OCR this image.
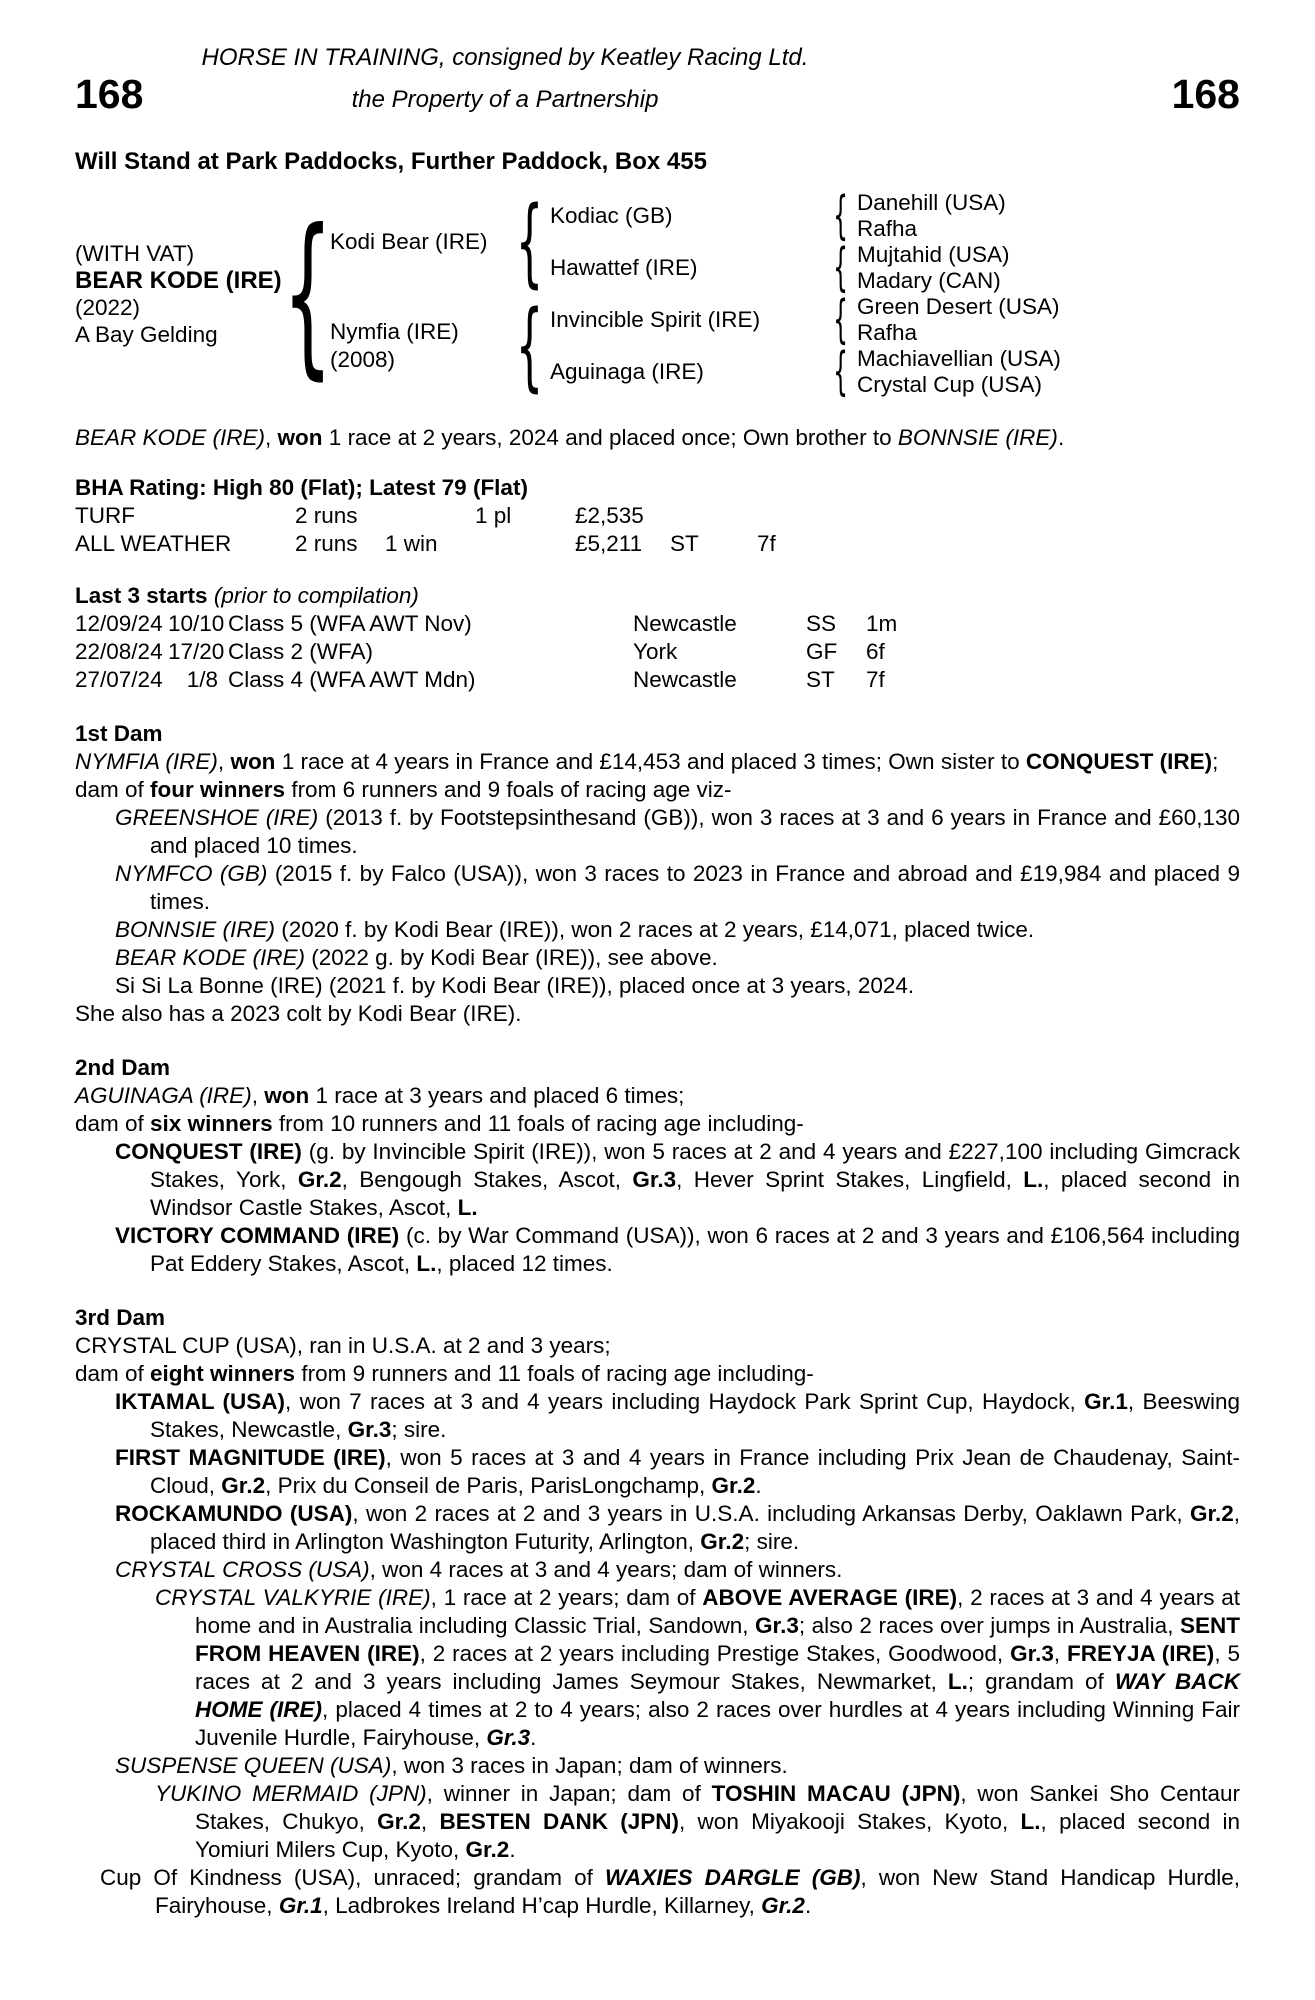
HORSE IN TRAINING, consigned by Keatley Racing Ltd.
the Property of a Partnership
168	168
Will Stand at Park Paddocks, Further Paddock, Box 455
(WITH VAT)
BEAR KODE (IRE)
(2022)
A Bay Gelding {
Kodi Bear (IRE)
Nymfia (IRE)
(2008)
{
{
Kodiac (GB)
Hawattef (IRE)
Invincible Spirit (IRE)
Aguinaga (IRE)
{
{
{
{
Danehill (USA)
Rafha
Mujtahid (USA)
Madary (CAN)
Green Desert (USA)
Rafha
Machiavellian (USA)
Crystal Cup (USA)

BEAR KODE (IRE), won 1 race at 2 years, 2024 and placed once; Own brother to BONNSIE (IRE).

BHA Rating: High 80 (Flat); Latest 79 (Flat)
TURF	2 runs	1 pl	£2,535
ALL WEATHER	2 runs	1 win	£5,211	ST	7f
Last 3 starts (prior to compilation)
12/09/24 10/10 Class 5 (WFA AWT Nov)	Newcastle	SS	1m
22/08/24 17/20 Class 2 (WFA)	York	GF	6f
27/07/24	1/8 Class 4 (WFA AWT Mdn)	Newcastle	ST	7f
1st Dam

NYMFIA (IRE), won 1 race at 4 years in France and £14,453 and placed 3 times; Own sister to CONQUEST (IRE);

dam of four winners from 6 runners and 9 foals of racing age viz-

GREENSHOE (IRE) (2013 f. by Footstepsinthesand (GB)), won 3 races at 3 and 6 years in France and £60,130 and placed 10 times.

NYMFCO (GB) (2015 f. by Falco (USA)), won 3 races to 2023 in France and abroad and £19,984 and placed 9 times.

BONNSIE (IRE) (2020 f. by Kodi Bear (IRE)), won 2 races at 2 years, £14,071, placed twice.

BEAR KODE (IRE) (2022 g. by Kodi Bear (IRE)), see above.

Si Si La Bonne (IRE) (2021 f. by Kodi Bear (IRE)), placed once at 3 years, 2024.

She also has a 2023 colt by Kodi Bear (IRE).

2nd Dam

AGUINAGA (IRE), won 1 race at 3 years and placed 6 times;

dam of six winners from 10 runners and 11 foals of racing age including-

CONQUEST (IRE) (g. by Invincible Spirit (IRE)), won 5 races at 2 and 4 years and £227,100 including Gimcrack Stakes, York, Gr.2, Bengough Stakes, Ascot, Gr.3, Hever Sprint Stakes, Lingfield, L., placed second in Windsor Castle Stakes, Ascot, L.

VICTORY COMMAND (IRE) (c. by War Command (USA)), won 6 races at 2 and 3 years and £106,564 including Pat Eddery Stakes, Ascot, L., placed 12 times.

3rd Dam

CRYSTAL CUP (USA), ran in U.S.A. at 2 and 3 years;

dam of eight winners from 9 runners and 11 foals of racing age including-

IKTAMAL (USA), won 7 races at 3 and 4 years including Haydock Park Sprint Cup, Haydock, Gr.1, Beeswing Stakes, Newcastle, Gr.3; sire.

FIRST MAGNITUDE (IRE), won 5 races at 3 and 4 years in France including Prix Jean de Chaudenay, Saint-Cloud, Gr.2, Prix du Conseil de Paris, ParisLongchamp, Gr.2.

ROCKAMUNDO (USA), won 2 races at 2 and 3 years in U.S.A. including Arkansas Derby, Oaklawn Park, Gr.2, placed third in Arlington Washington Futurity, Arlington, Gr.2; sire.

CRYSTAL CROSS (USA), won 4 races at 3 and 4 years; dam of winners.

CRYSTAL VALKYRIE (IRE), 1 race at 2 years; dam of ABOVE AVERAGE (IRE), 2 races at 3 and 4 years at home and in Australia including Classic Trial, Sandown, Gr.3; also 2 races over jumps in Australia, SENT FROM HEAVEN (IRE), 2 races at 2 years including Prestige Stakes, Goodwood, Gr.3, FREYJA (IRE), 5 races at 2 and 3 years including James Seymour Stakes, Newmarket, L.; grandam of WAY BACK HOME (IRE), placed 4 times at 2 to 4 years; also 2 races over hurdles at 4 years including Winning Fair Juvenile Hurdle, Fairyhouse, Gr.3.

SUSPENSE QUEEN (USA), won 3 races in Japan; dam of winners.

YUKINO MERMAID (JPN), winner in Japan; dam of TOSHIN MACAU (JPN), won Sankei Sho Centaur Stakes, Chukyo, Gr.2, BESTEN DANK (JPN), won Miyakooji Stakes, Kyoto, L., placed second in Yomiuri Milers Cup, Kyoto, Gr.2.

Cup Of Kindness (USA), unraced; grandam of WAXIES DARGLE (GB), won New Stand Handicap Hurdle, Fairyhouse, Gr.1, Ladbrokes Ireland H’cap Hurdle, Killarney, Gr.2.
